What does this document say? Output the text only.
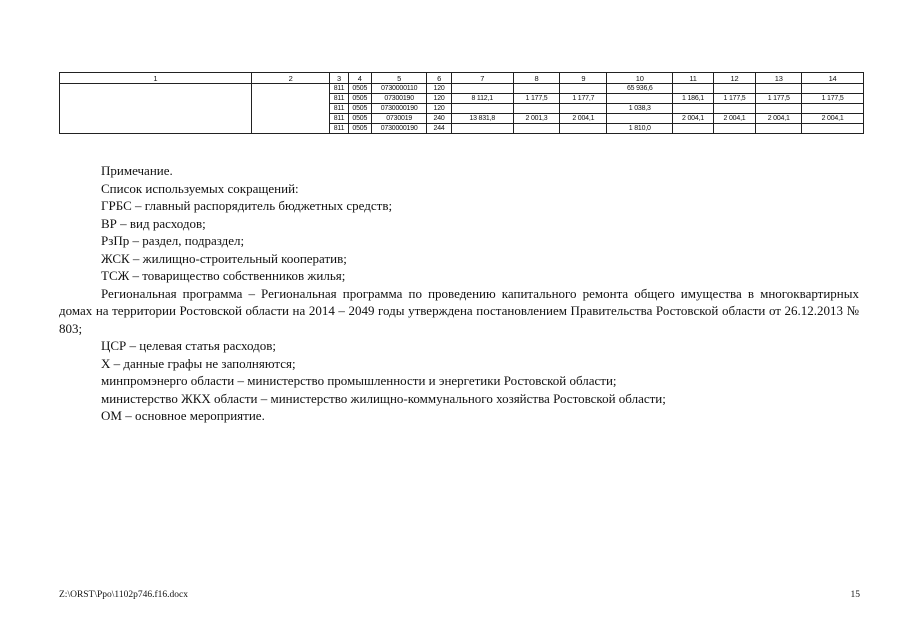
1	2	3	4	5	6	7	8	9	10	11	12	13	14
		811	0505	0730000110	120				65 936,6				
		811	0505	07300190	120	8 112,1	1 177,5	1 177,7		1 186,1	1 177,5	1 177,5	1 177,5
		811	0505	0730000190	120				1 038,3				
		811	0505	0730019	240	13 831,8	2 001,3	2 004,1		2 004,1	2 004,1	2 004,1	2 004,1
		811	0505	0730000190	244				1 810,0				

Примечание.

Список используемых сокращений:

ГРБС – главный распорядитель бюджетных средств;

ВР – вид расходов;

РзПр – раздел, подраздел;

ЖСК – жилищно-строительный кооператив;

ТСЖ – товарищество собственников жилья;

Региональная программа – Региональная программа по проведению капитального ремонта общего имущества в многоквартирных домах на территории Ростовской области на 2014 – 2049 годы утверждена постановлением Правительства Ростовской области от 26.12.2013 № 803;

ЦСР – целевая статья расходов;

Х – данные графы не заполняются;

минпромэнерго области – министерство промышленности и энергетики Ростовской области;

министерство ЖКХ области – министерство жилищно-коммунального хозяйства Ростовской области;

ОМ – основное мероприятие.

Z:\ORST\Ppo\1102p746.f16.docx	15
